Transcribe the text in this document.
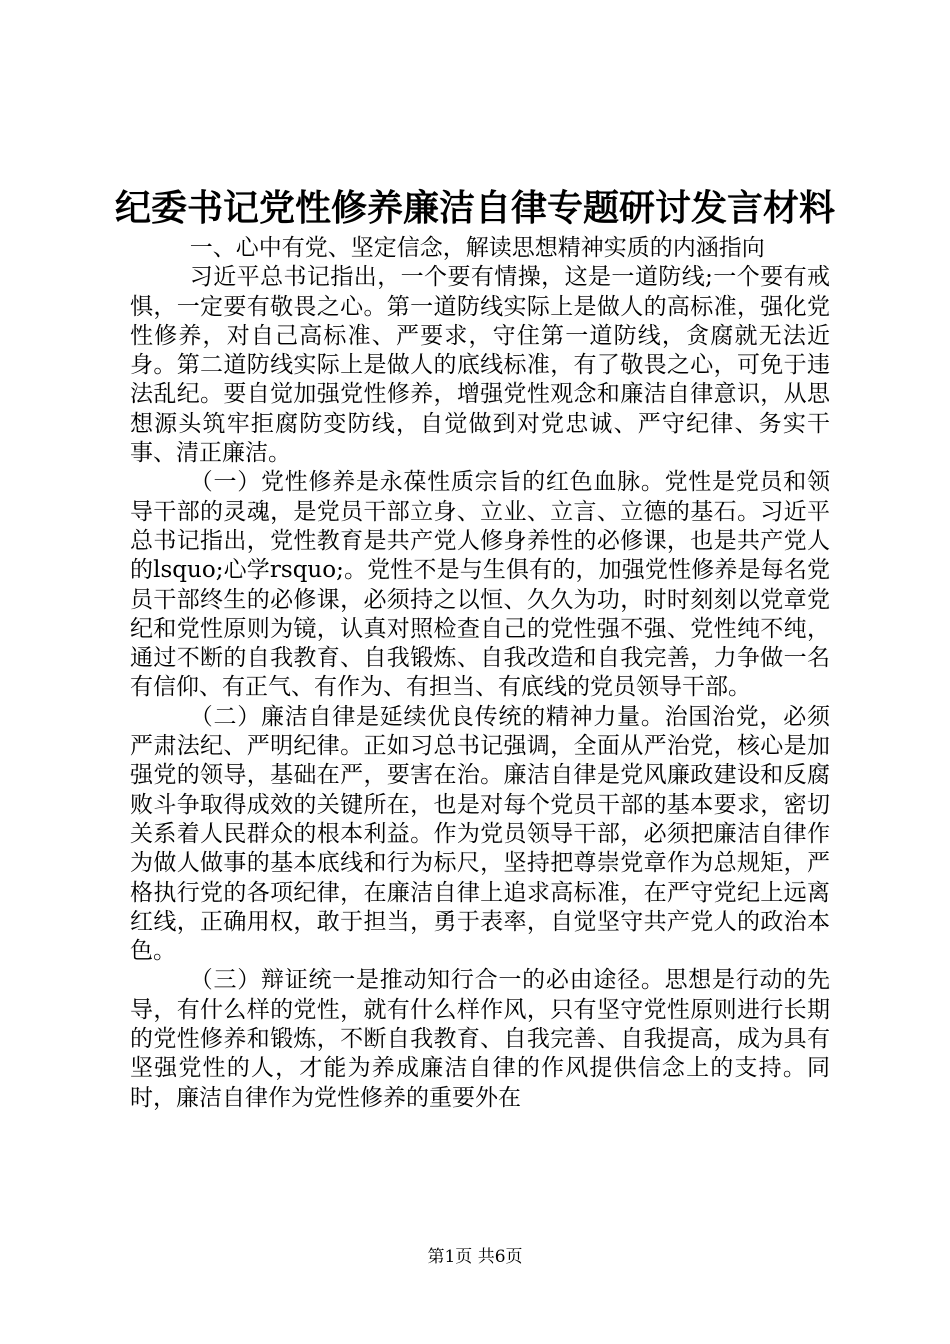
纪委书记党性修养廉洁自律专题研讨发言材料

一、心中有党、坚定信念，解读思想精神实质的内涵指向

习近平总书记指出，一个要有情操，这是一道防线;一个要有戒惧，一定要有敬畏之心。第一道防线实际上是做人的高标准，强化党性修养，对自己高标准、严要求，守住第一道防线，贪腐就无法近身。第二道防线实际上是做人的底线标准，有了敬畏之心，可免于违法乱纪。要自觉加强党性修养，增强党性观念和廉洁自律意识，从思想源头筑牢拒腐防变防线，自觉做到对党忠诚、严守纪律、务实干事、清正廉洁。

（一）党性修养是永葆性质宗旨的红色血脉。党性是党员和领导干部的灵魂，是党员干部立身、立业、立言、立德的基石。习近平总书记指出，党性教育是共产党人修身养性的必修课，也是共产党人的lsquo;心学rsquo;。党性不是与生俱有的，加强党性修养是每名党员干部终生的必修课，必须持之以恒、久久为功，时时刻刻以党章党纪和党性原则为镜，认真对照检查自己的党性强不强、党性纯不纯，通过不断的自我教育、自我锻炼、自我改造和自我完善，力争做一名有信仰、有正气、有作为、有担当、有底线的党员领导干部。

（二）廉洁自律是延续优良传统的精神力量。治国治党，必须严肃法纪、严明纪律。正如习总书记强调，全面从严治党，核心是加强党的领导，基础在严，要害在治。廉洁自律是党风廉政建设和反腐败斗争取得成效的关键所在，也是对每个党员干部的基本要求，密切关系着人民群众的根本利益。作为党员领导干部，必须把廉洁自律作为做人做事的基本底线和行为标尺，坚持把尊崇党章作为总规矩，严格执行党的各项纪律，在廉洁自律上追求高标准，在严守党纪上远离红线，正确用权，敢于担当，勇于表率，自觉坚守共产党人的政治本色。

（三）辩证统一是推动知行合一的必由途径。思想是行动的先导，有什么样的党性，就有什么样作风，只有坚守党性原则进行长期的党性修养和锻炼，不断自我教育、自我完善、自我提高，成为具有坚强党性的人，才能为养成廉洁自律的作风提供信念上的支持。同时，廉洁自律作为党性修养的重要外在

第1页 共6页
